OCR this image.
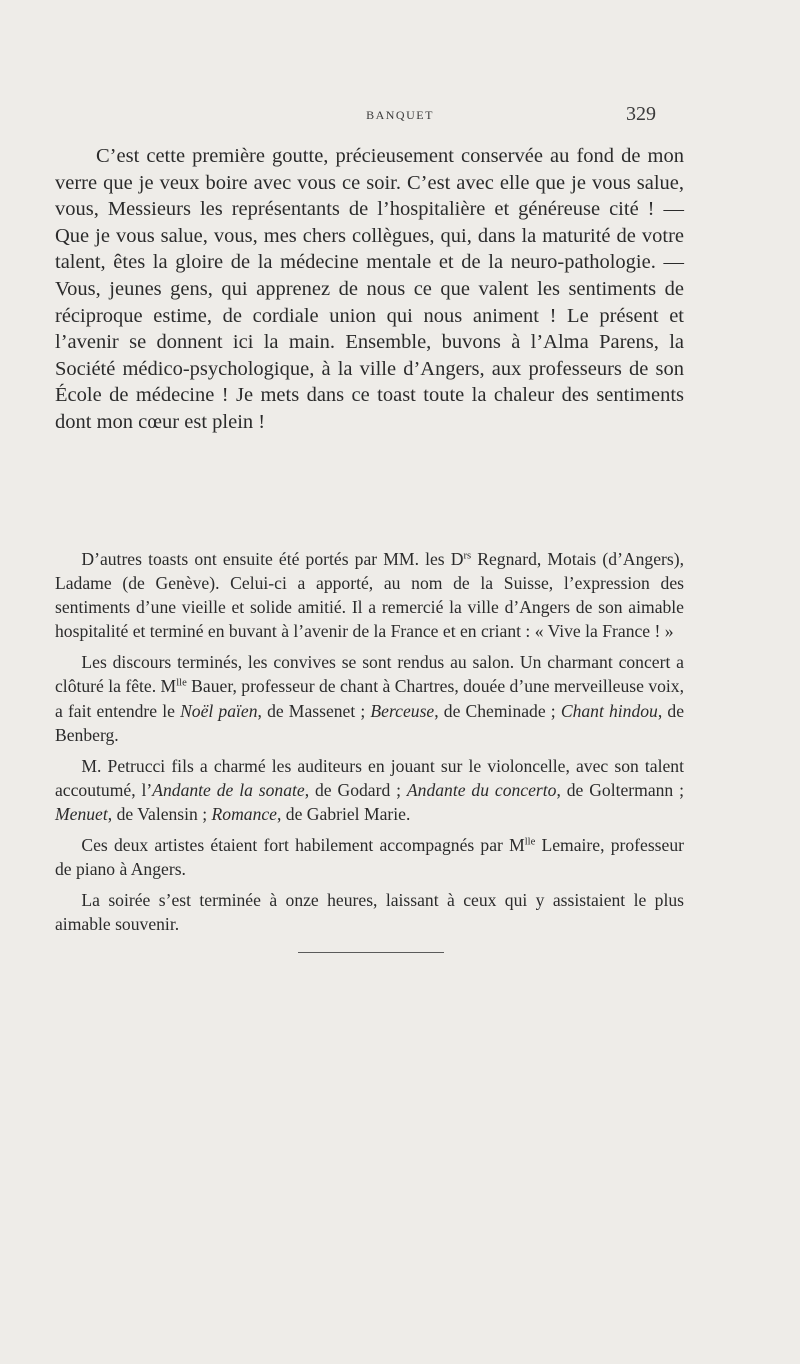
BANQUET	329

C’est cette première goutte, précieusement conservée au fond de mon verre que je veux boire avec vous ce soir. C’est avec elle que je vous salue, vous, Messieurs les représentants de l’hospitalière et généreuse cité ! — Que je vous salue, vous, mes chers collègues, qui, dans la maturité de votre talent, êtes la gloire de la médecine mentale et de la neuro-pathologie. — Vous, jeunes gens, qui apprenez de nous ce que valent les sentiments de réciproque estime, de cordiale union qui nous animent ! Le présent et l’avenir se donnent ici la main. Ensemble, buvons à l’Alma Parens, la Société médico-psychologique, à la ville d’Angers, aux professeurs de son École de médecine ! Je mets dans ce toast toute la chaleur des sentiments dont mon cœur est plein !

D’autres toasts ont ensuite été portés par MM. les $D^{rs}$ Regnard, Motais (d’Angers), Ladame (de Genève). Celui-ci a apporté, au nom de la Suisse, l’expression des sentiments d’une vieille et solide amitié. Il a remercié la ville d’Angers de son aimable hospitalité et terminé en buvant à l’avenir de la France et en criant : « Vive la France ! »

Les discours terminés, les convives se sont rendus au salon. Un charmant concert a clôturé la fête. $M^{lle}$ Bauer, professeur de chant à Chartres, douée d’une merveilleuse voix, a fait entendre le Noël païen, de Massenet ; Berceuse, de Cheminade ; Chant hindou, de Benberg.

M. Petrucci fils a charmé les auditeurs en jouant sur le violoncelle, avec son talent accoutumé, l’Andante de la sonate, de Godard ; Andante du concerto, de Goltermann ; Menuet, de Valensin ; Romance, de Gabriel Marie.

Ces deux artistes étaient fort habilement accompagnés par $M^{lle}$ Lemaire, professeur de piano à Angers.

La soirée s’est terminée à onze heures, laissant à ceux qui y assistaient le plus aimable souvenir.
